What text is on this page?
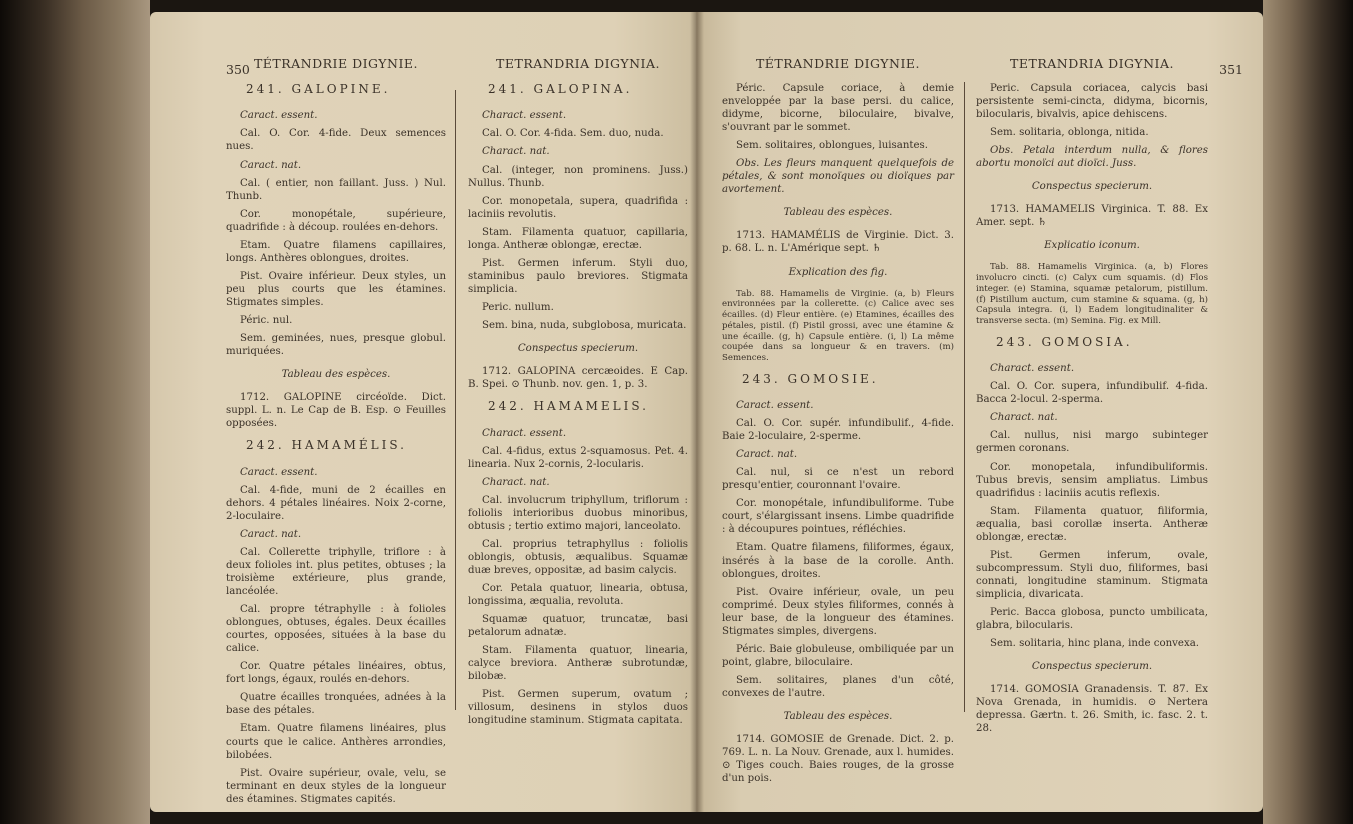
350 TÉTRANDRIE DIGYNIE.
241. GALOPINE.

Caract. essent.

Cal. O. Cor. 4-fide. Deux semences nues.

Caract. nat.

Cal. ( entier, non faillant. Juss. ) Nul. Thunb.

Cor. monopétale, supérieure, quadrifide : à découp. roulées en-dehors.

Etam. Quatre filamens capillaires, longs. Anthères oblongues, droites.

Pist. Ovaire inférieur. Deux styles, un peu plus courts que les étamines. Stigmates simples.

Péric. nul.

Sem. geminées, nues, presque globul. muriquées.

Tableau des espèces.

1712. GALOPINE circéoïde. Dict. suppl. L. n. Le Cap de B. Esp. ⊙ Feuilles opposées.

242. HAMAMÉLIS.

Caract. essent.

Cal. 4-fide, muni de 2 écailles en dehors. 4 pétales linéaires. Noix 2-corne, 2-loculaire.

Caract. nat.

Cal. Collerette triphylle, triflore : à deux folioles int. plus petites, obtuses ; la troisième extérieure, plus grande, lancéolée.

Cal. propre tétraphylle : à folioles oblongues, obtuses, égales. Deux écailles courtes, opposées, situées à la base du calice.

Cor. Quatre pétales linéaires, obtus, fort longs, égaux, roulés en-dehors.

Quatre écailles tronquées, adnées à la base des pétales.

Etam. Quatre filamens linéaires, plus courts que le calice. Anthères arrondies, bilobées.

Pist. Ovaire supérieur, ovale, velu, se terminant en deux styles de la longueur des étamines. Stigmates capités.

TETRANDRIA DIGYNIA.
241. GALOPINA.

Charact. essent.

Cal. O. Cor. 4-fida. Sem. duo, nuda.

Charact. nat.

Cal. (integer, non prominens. Juss.) Nullus. Thunb.

Cor. monopetala, supera, quadrifida : laciniis revolutis.

Stam. Filamenta quatuor, capillaria, longa. Antheræ oblongæ, erectæ.

Pist. Germen inferum. Styli duo, staminibus paulo breviores. Stigmata simplicia.

Peric. nullum.

Sem. bina, nuda, subglobosa, muricata.

Conspectus specierum.

1712. GALOPINA cercæoides. E Cap. B. Spei. ⊙ Thunb. nov. gen. 1, p. 3.

242. HAMAMELIS.

Charact. essent.

Cal. 4-fidus, extus 2-squamosus. Pet. 4. linearia. Nux 2-cornis, 2-locularis.

Charact. nat.

Cal. involucrum triphyllum, triflorum : foliolis interioribus duobus minoribus, obtusis ; tertio extimo majori, lanceolato.

Cal. proprius tetraphyllus : foliolis oblongis, obtusis, æqualibus. Squamæ duæ breves, oppositæ, ad basim calycis.

Cor. Petala quatuor, linearia, obtusa, longissima, æqualia, revoluta.

Squamæ quatuor, truncatæ, basi petalorum adnatæ.

Stam. Filamenta quatuor, linearia, calyce breviora. Antheræ subrotundæ, bilobæ.

Pist. Germen superum, ovatum ; villosum, desinens in stylos duos longitudine staminum. Stigmata capitata.

351
TÉTRANDRIE DIGYNIE.

Péric. Capsule coriace, à demie enveloppée par la base persi. du calice, didyme, bicorne, biloculaire, bivalve, s'ouvrant par le sommet.

Sem. solitaires, oblongues, luisantes.

Obs. Les fleurs manquent quelquefois de pétales, & sont monoïques ou dioïques par avortement.

Tableau des espèces.

1713. HAMAMÉLIS de Virginie. Dict. 3. p. 68. L. n. L'Amérique sept. ♄

Explication des fig.

Tab. 88. Hamamelis de Virginie. (a, b) Fleurs environnées par la collerette. (c) Calice avec ses écailles. (d) Fleur entière. (e) Etamines, écailles des pétales, pistil. (f) Pistil grossi, avec une étamine & une écaille. (g, h) Capsule entière. (i, l) La même coupée dans sa longueur & en travers. (m) Semences.

243. GOMOSIE.

Caract. essent.

Cal. O. Cor. supér. infundibulif., 4-fide. Baie 2-loculaire, 2-sperme.

Caract. nat.

Cal. nul, si ce n'est un rebord presqu'entier, couronnant l'ovaire.

Cor. monopétale, infundibuliforme. Tube court, s'élargissant insens. Limbe quadrifide : à découpures pointues, réfléchies.

Etam. Quatre filamens, filiformes, égaux, insérés à la base de la corolle. Anth. oblongues, droites.

Pist. Ovaire inférieur, ovale, un peu comprimé. Deux styles filiformes, connés à leur base, de la longueur des étamines. Stigmates simples, divergens.

Péric. Baie globuleuse, ombiliquée par un point, glabre, biloculaire.

Sem. solitaires, planes d'un côté, convexes de l'autre.

Tableau des espèces.

1714. GOMOSIE de Grenade. Dict. 2. p. 769. L. n. La Nouv. Grenade, aux l. humides. ⊙ Tiges couch. Baies rouges, de la grosse d'un pois.

TETRANDRIA DIGYNIA.

Peric. Capsula coriacea, calycis basi persistente semi-cincta, didyma, bicornis, bilocularis, bivalvis, apice dehiscens.

Sem. solitaria, oblonga, nitida.

Obs. Petala interdum nulla, & flores abortu monoïci aut dioïci. Juss.

Conspectus specierum.

1713. HAMAMELIS Virginica. T. 88. Ex Amer. sept. ♄

Explicatio iconum.

Tab. 88. Hamamelis Virginica. (a, b) Flores involucro cincti. (c) Calyx cum squamis. (d) Flos integer. (e) Stamina, squamæ petalorum, pistillum. (f) Pistillum auctum, cum stamine & squama. (g, h) Capsula integra. (i, l) Eadem longitudinaliter & transverse secta. (m) Semina. Fig. ex Mill.

243. GOMOSIA.

Charact. essent.

Cal. O. Cor. supera, infundibulif. 4-fida. Bacca 2-locul. 2-sperma.

Charact. nat.

Cal. nullus, nisi margo subinteger germen coronans.

Cor. monopetala, infundibuliformis. Tubus brevis, sensim ampliatus. Limbus quadrifidus : laciniis acutis reflexis.

Stam. Filamenta quatuor, filiformia, æqualia, basi corollæ inserta. Antheræ oblongæ, erectæ.

Pist. Germen inferum, ovale, subcompressum. Styli duo, filiformes, basi connati, longitudine staminum. Stigmata simplicia, divaricata.

Peric. Bacca globosa, puncto umbilicata, glabra, bilocularis.

Sem. solitaria, hinc plana, inde convexa.

Conspectus specierum.

1714. GOMOSIA Granadensis. T. 87. Ex Nova Grenada, in humidis. ⊙ Nertera depressa. Gærtn. t. 26. Smith, ic. fasc. 2. t. 28.
